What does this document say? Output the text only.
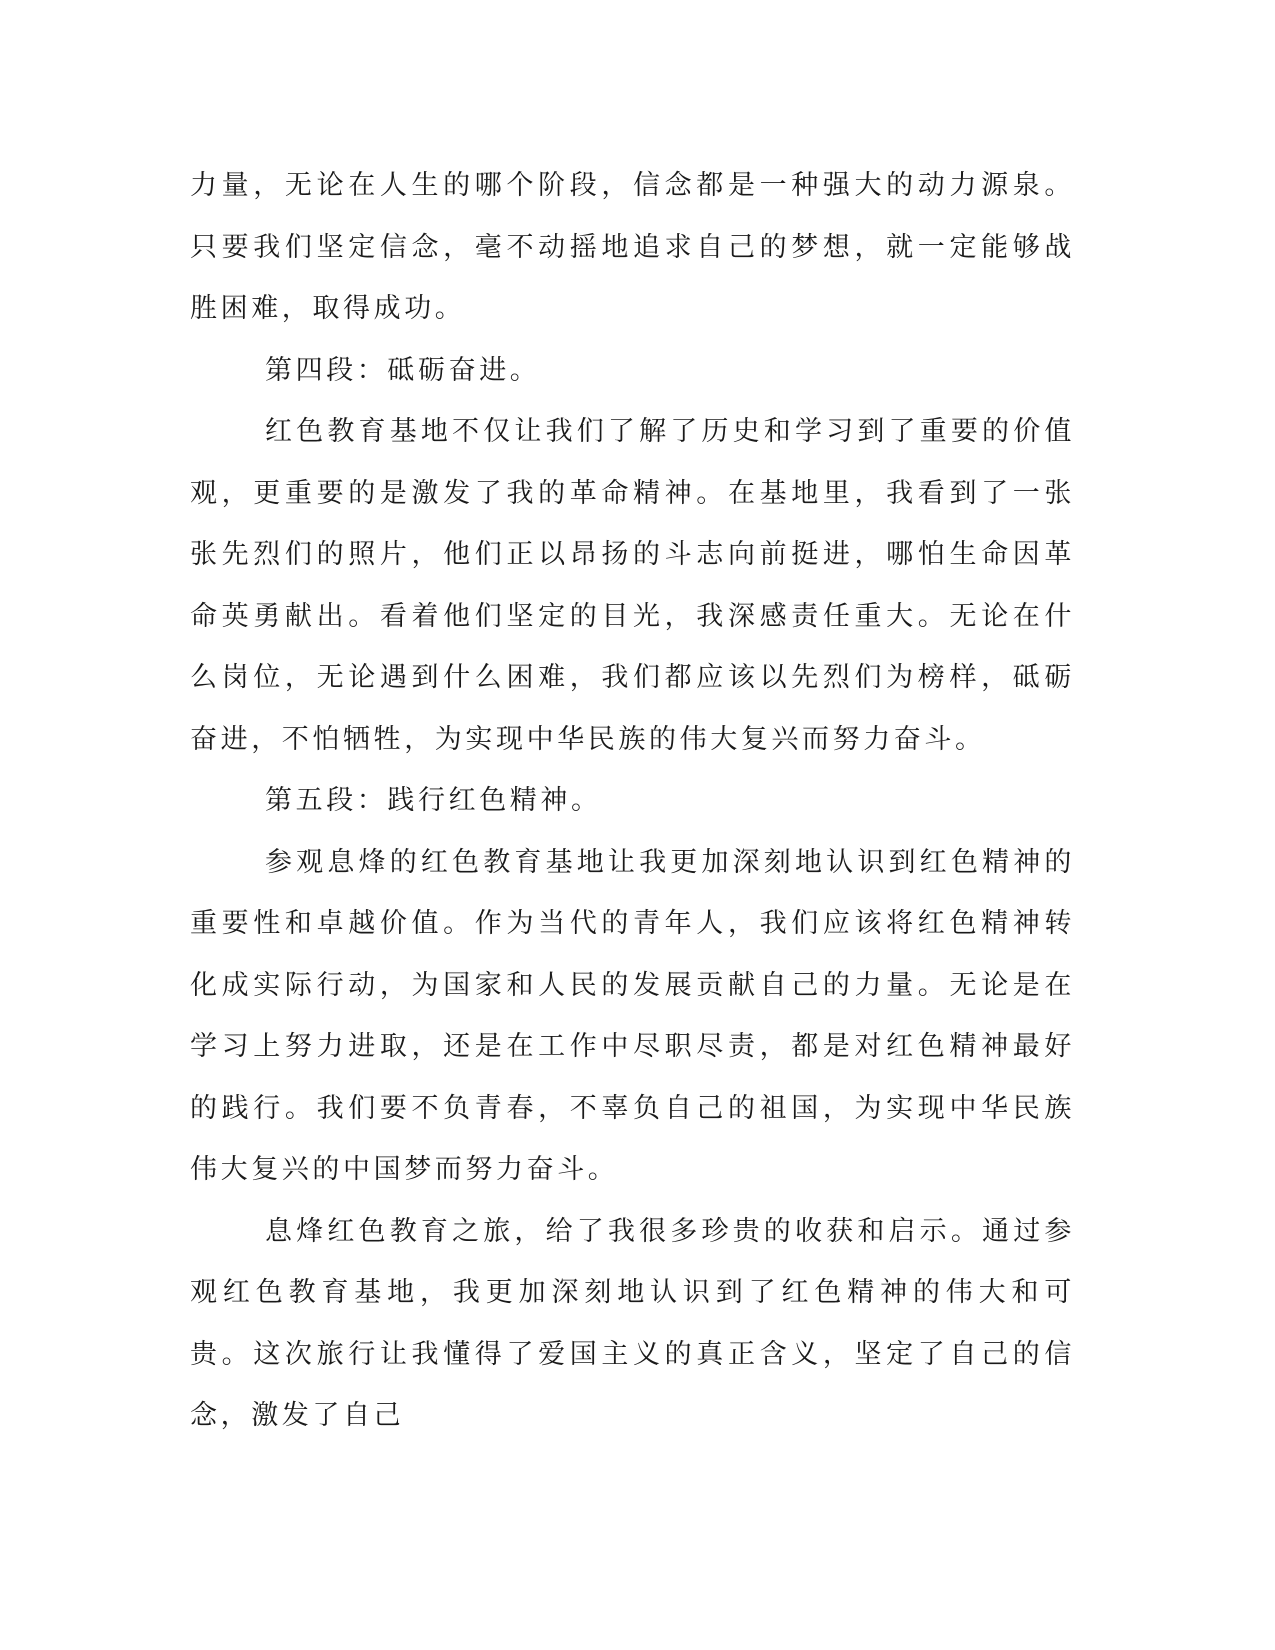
力量，无论在人生的哪个阶段，信念都是一种强大的动力源泉。只要我们坚定信念，毫不动摇地追求自己的梦想，就一定能够战胜困难，取得成功。

第四段：砥砺奋进。

红色教育基地不仅让我们了解了历史和学习到了重要的价值观，更重要的是激发了我的革命精神。在基地里，我看到了一张张先烈们的照片，他们正以昂扬的斗志向前挺进，哪怕生命因革命英勇献出。看着他们坚定的目光，我深感责任重大。无论在什么岗位，无论遇到什么困难，我们都应该以先烈们为榜样，砥砺奋进，不怕牺牲，为实现中华民族的伟大复兴而努力奋斗。

第五段：践行红色精神。

参观息烽的红色教育基地让我更加深刻地认识到红色精神的重要性和卓越价值。作为当代的青年人，我们应该将红色精神转化成实际行动，为国家和人民的发展贡献自己的力量。无论是在学习上努力进取，还是在工作中尽职尽责，都是对红色精神最好的践行。我们要不负青春，不辜负自己的祖国，为实现中华民族伟大复兴的中国梦而努力奋斗。

息烽红色教育之旅，给了我很多珍贵的收获和启示。通过参观红色教育基地，我更加深刻地认识到了红色精神的伟大和可贵。这次旅行让我懂得了爱国主义的真正含义，坚定了自己的信念，激发了自己
